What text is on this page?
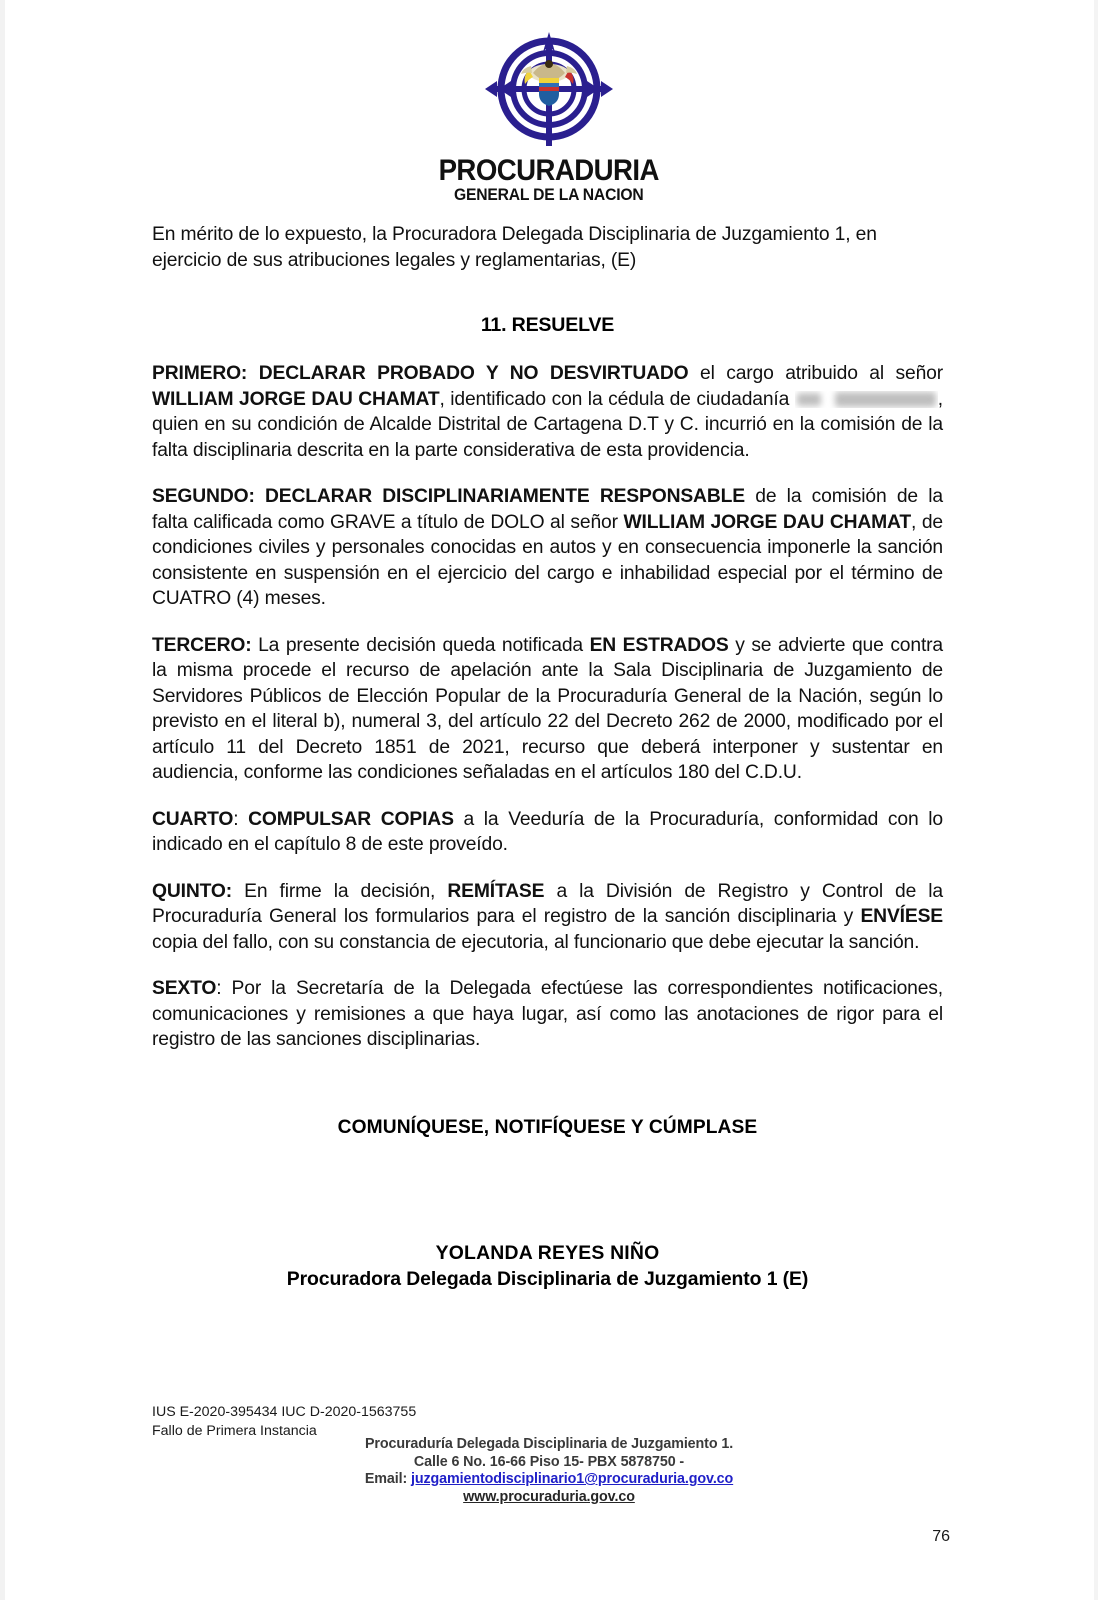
PROCURADURIA
GENERAL DE LA NACION

En mérito de lo expuesto, la Procuradora Delegada Disciplinaria de Juzgamiento 1, en ejercicio de sus atribuciones legales y reglamentarias, (E)

11. RESUELVE

PRIMERO: DECLARAR PROBADO Y NO DESVIRTUADO el cargo atribuido al señor WILLIAM JORGE DAU CHAMAT, identificado con la cédula de ciudadanía	, quien en su condición de Alcalde Distrital de Cartagena D.T y C. incurrió en la comisión de la falta disciplinaria descrita en la parte considerativa de esta providencia.

SEGUNDO: DECLARAR DISCIPLINARIAMENTE RESPONSABLE de la comisión de la falta calificada como GRAVE a título de DOLO al señor WILLIAM JORGE DAU CHAMAT, de condiciones civiles y personales conocidas en autos y en consecuencia imponerle la sanción consistente en suspensión en el ejercicio del cargo e inhabilidad especial por el término de CUATRO (4) meses.

TERCERO: La presente decisión queda notificada EN ESTRADOS y se advierte que contra la misma procede el recurso de apelación ante la Sala Disciplinaria de Juzgamiento de Servidores Públicos de Elección Popular de la Procuraduría General de la Nación, según lo previsto en el literal b), numeral 3, del artículo 22 del Decreto 262 de 2000, modificado por el artículo 11 del Decreto 1851 de 2021, recurso que deberá interponer y sustentar en audiencia, conforme las condiciones señaladas en el artículos 180 del C.D.U.

CUARTO: COMPULSAR COPIAS a la Veeduría de la Procuraduría, conformidad con lo indicado en el capítulo 8 de este proveído.

QUINTO: En firme la decisión, REMÍTASE a la División de Registro y Control de la Procuraduría General los formularios para el registro de la sanción disciplinaria y ENVÍESE copia del fallo, con su constancia de ejecutoria, al funcionario que debe ejecutar la sanción.

SEXTO: Por la Secretaría de la Delegada efectúese las correspondientes notificaciones, comunicaciones y remisiones a que haya lugar, así como las anotaciones de rigor para el registro de las sanciones disciplinarias.

COMUNÍQUESE, NOTIFÍQUESE Y CÚMPLASE

YOLANDA REYES NIÑO

Procuradora Delegada Disciplinaria de Juzgamiento 1 (E)

IUS E-2020-395434 IUC D-2020-1563755
Fallo de Primera Instancia
Procuraduría Delegada Disciplinaria de Juzgamiento 1.
Calle 6 No. 16-66 Piso 15- PBX 5878750 -
Email: juzgamientodisciplinario1@procuraduria.gov.co
www.procuraduria.gov.co
76
